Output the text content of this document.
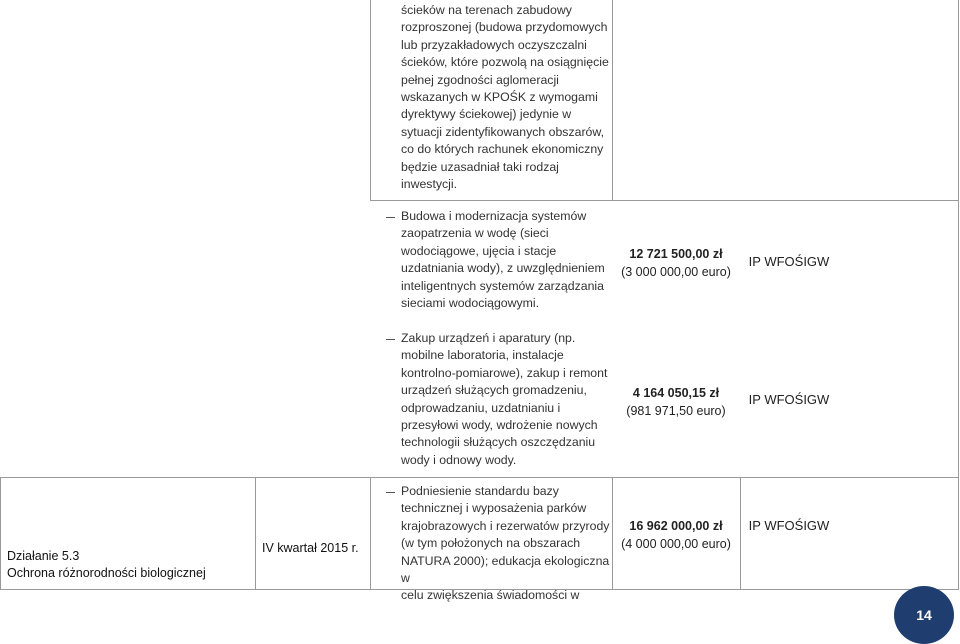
ścieków na terenach zabudowy
rozproszonej (budowa przydomowych
lub przyzakładowych oczyszczalni
ścieków, które pozwolą na osiągnięcie
pełnej zgodności aglomeracji
wskazanych w KPOŚK z wymogami
dyrektywy ściekowej) jedynie w
sytuacji zidentyfikowanych obszarów,
co do których rachunek ekonomiczny
będzie uzasadniał taki rodzaj
inwestycji.
Budowa i modernizacja systemów
zaopatrzenia w wodę (sieci
wodociągowe, ujęcia i stacje
uzdatniania wody), z uwzględnieniem
inteligentnych systemów zarządzania
sieciami wodociągowymi.
12 721 500,00 zł
(3 000 000,00 euro)
IP WFOŚIGW
Zakup urządzeń i aparatury (np.
mobilne laboratoria, instalacje
kontrolno-pomiarowe), zakup i remont
urządzeń służących gromadzeniu,
odprowadzaniu, uzdatnianiu i
przesyłowi wody, wdrożenie nowych
technologii służących oszczędzaniu
wody i odnowy wody.
4 164 050,15 zł
(981 971,50 euro)
IP WFOŚIGW
Działanie 5.3
Ochrona różnorodności biologicznej
IV kwartał 2015 r.
Podniesienie standardu bazy
technicznej i wyposażenia parków
krajobrazowych i rezerwatów przyrody
(w tym położonych na obszarach
NATURA 2000); edukacja ekologiczna w
celu zwiększenia świadomości w
16 962 000,00 zł
(4 000 000,00 euro)
IP WFOŚIGW
14
